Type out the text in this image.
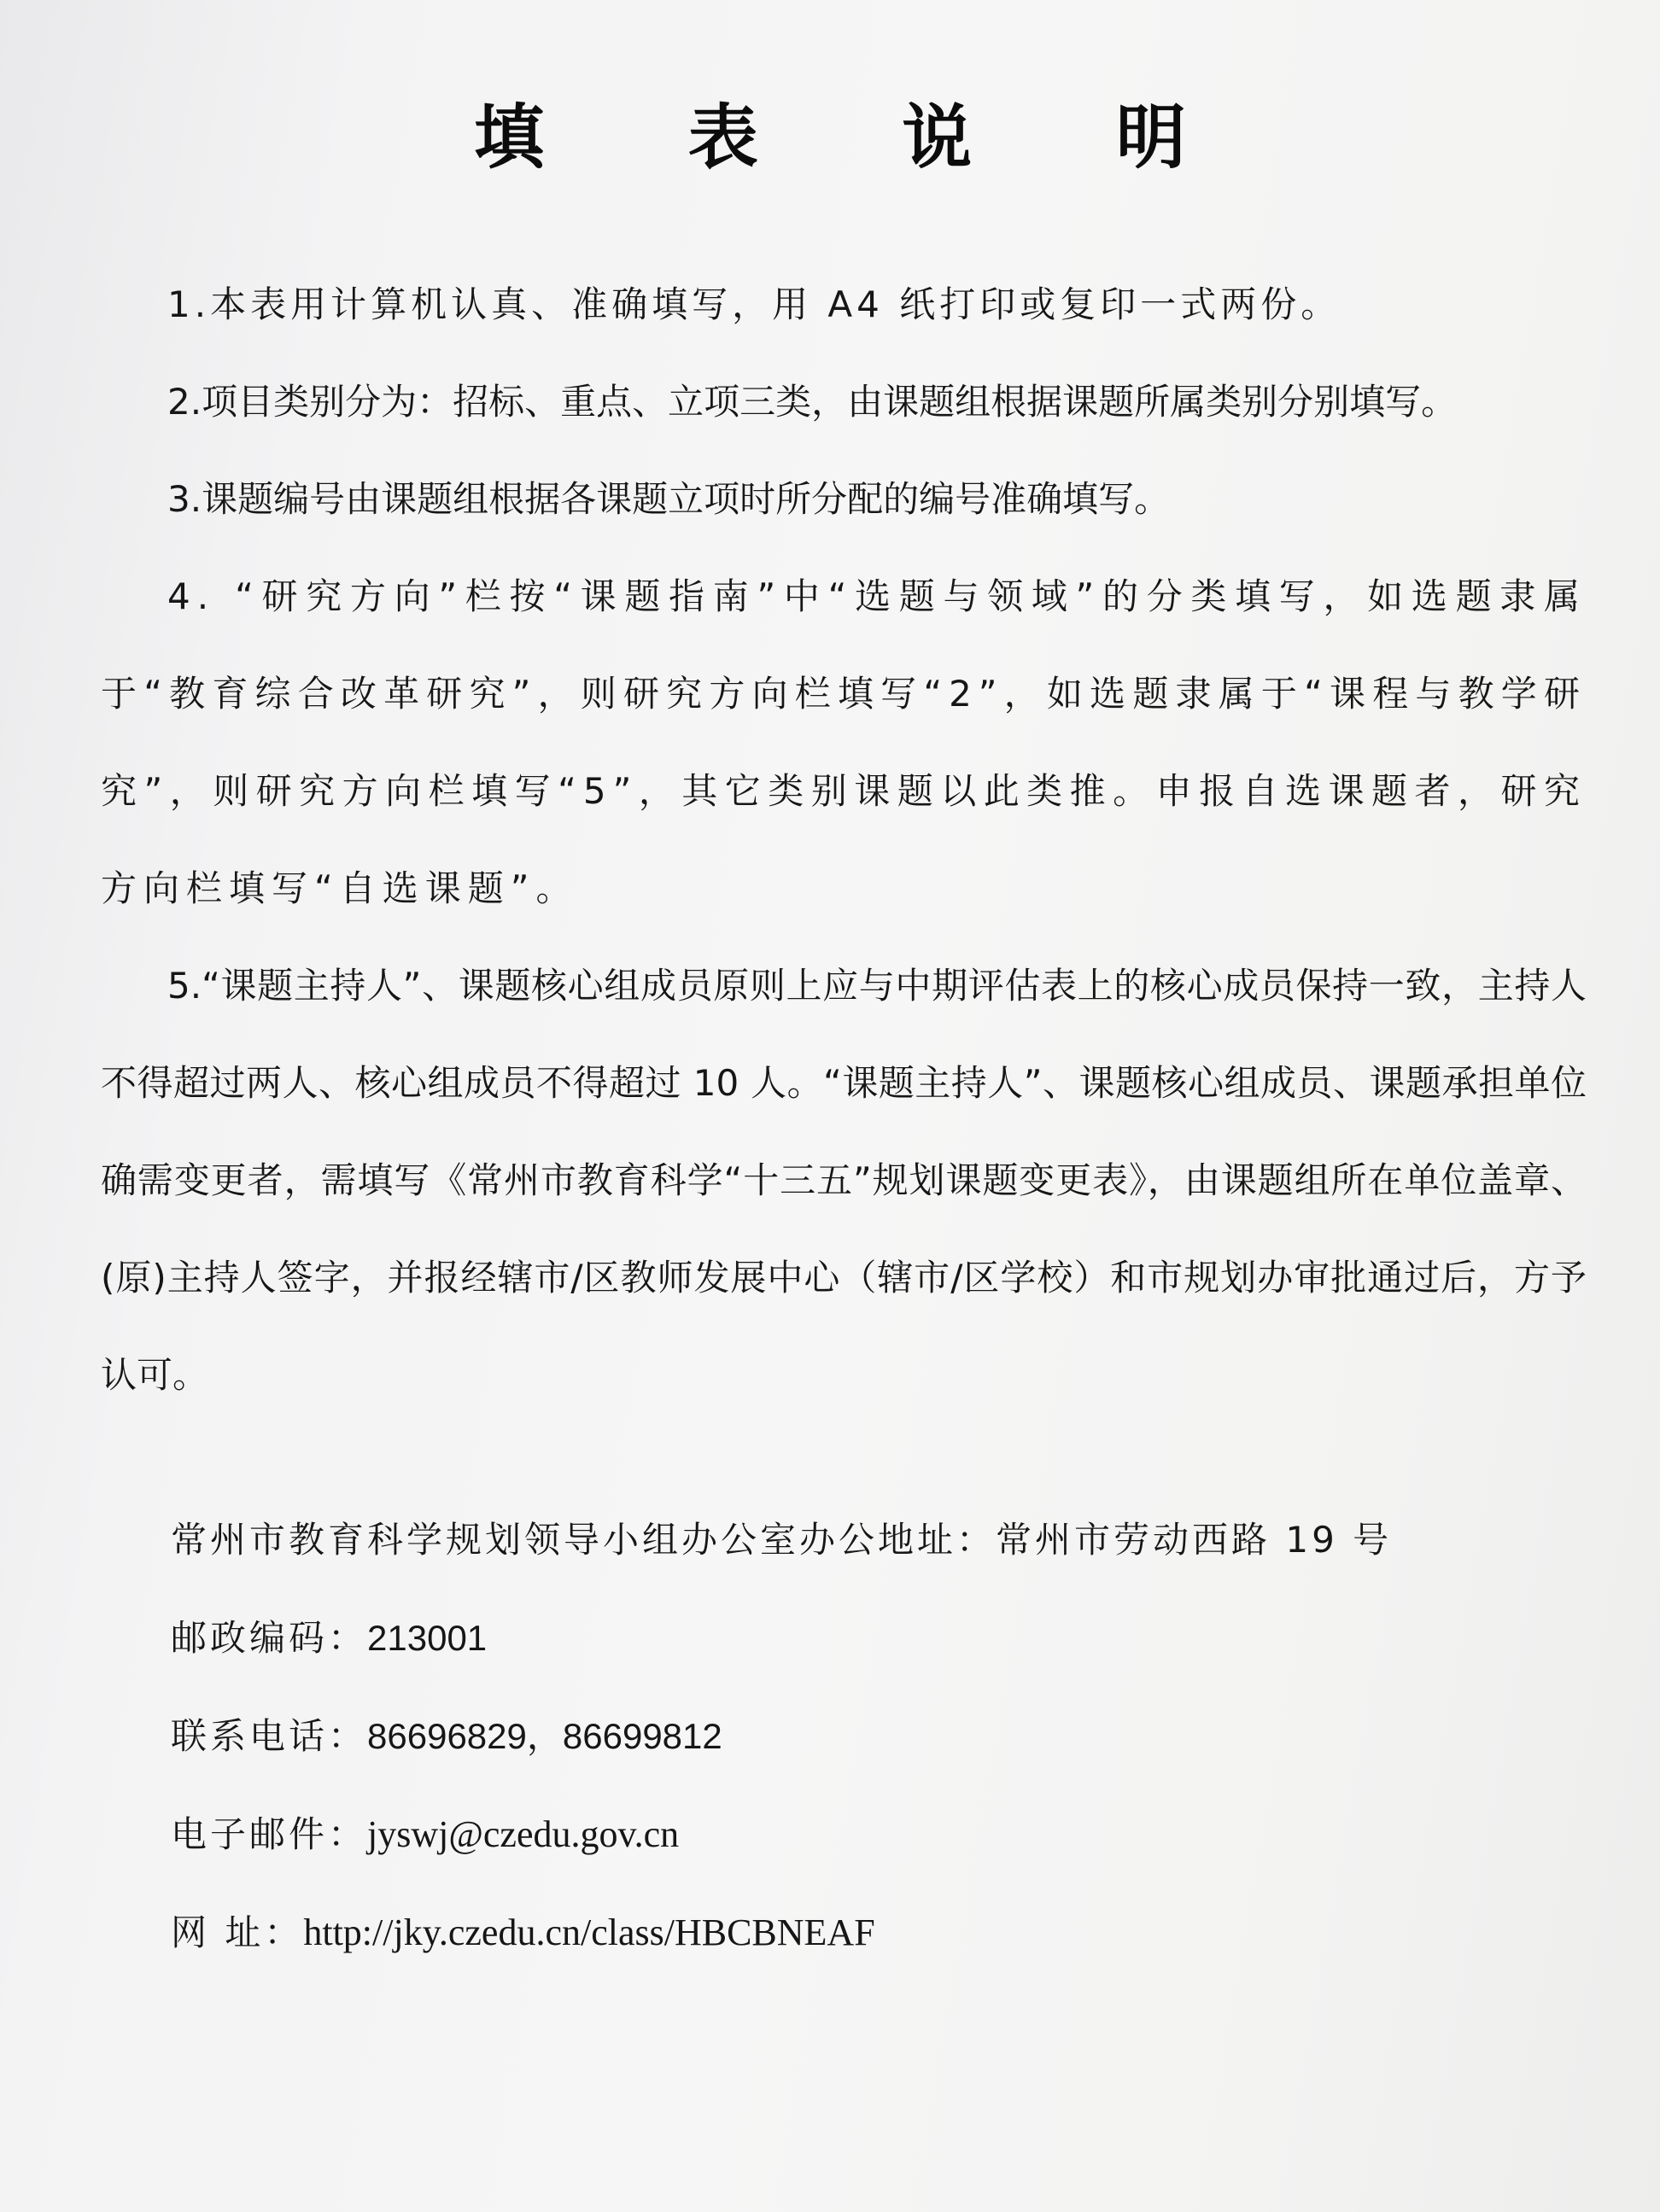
填 表 说 明

1.本表用计算机认真、准确填写，用 A4 纸打印或复印一式两份。

2.项目类别分为：招标、重点、立项三类，由课题组根据课题所属类别分别填写。

3.课题编号由课题组根据各课题立项时所分配的编号准确填写。

4. “研究方向”栏按“课题指南”中“选题与领域”的分类填写，如选题隶属于“教育综合改革研究”，则研究方向栏填写“2”，如选题隶属于“课程与教学研究”，则研究方向栏填写“5”，其它类别课题以此类推。申报自选课题者，研究方向栏填写“自选课题”。

5.“课题主持人”、课题核心组成员原则上应与中期评估表上的核心成员保持一致，主持人不得超过两人、核心组成员不得超过 10 人。“课题主持人”、课题核心组成员、课题承担单位确需变更者，需填写《常州市教育科学“十三五”规划课题变更表》，由课题组所在单位盖章、(原)主持人签字，并报经辖市/区教师发展中心（辖市/区学校）和市规划办审批通过后，方予认可。

常州市教育科学规划领导小组办公室办公地址：常州市劳动西路 19 号
邮政编码：213001
联系电话：86696829，86699812
电子邮件：jyswj@czedu.gov.cn
网 址：http://jky.czedu.cn/class/HBCBNEAF
